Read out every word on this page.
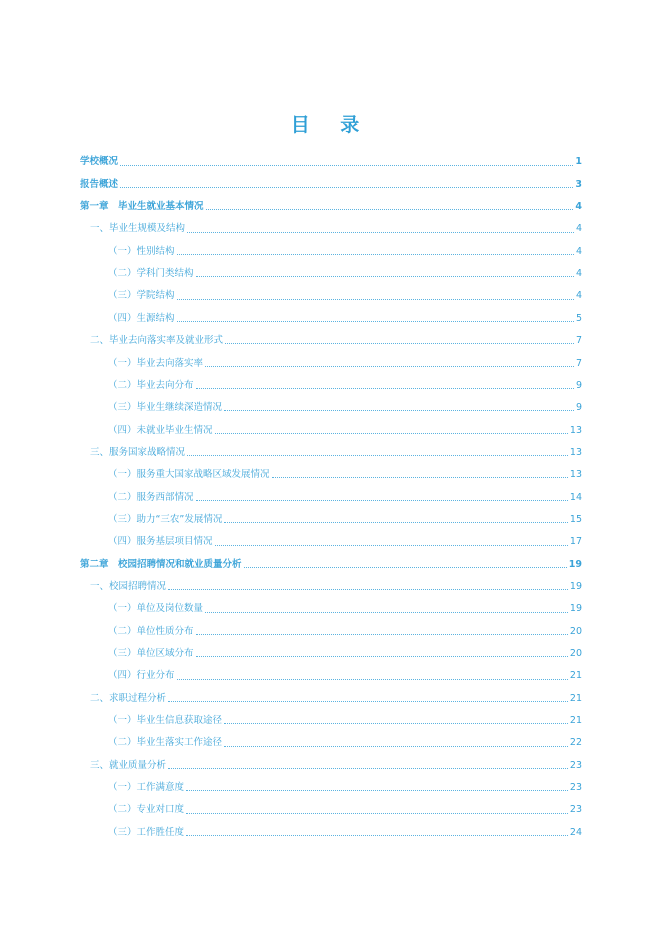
目 录
学校概况	1
报告概述	3
第一章　毕业生就业基本情况	4
一、毕业生规模及结构	4
（一）性别结构	4
（二）学科门类结构	4
（三）学院结构	4
（四）生源结构	5
二、毕业去向落实率及就业形式	7
（一）毕业去向落实率	7
（二）毕业去向分布	9
（三）毕业生继续深造情况	9
（四）未就业毕业生情况	13
三、服务国家战略情况	13
（一）服务重大国家战略区域发展情况	13
（二）服务西部情况	14
（三）助力“三农”发展情况	15
（四）服务基层项目情况	17
第二章　校园招聘情况和就业质量分析	19
一、校园招聘情况	19
（一）单位及岗位数量	19
（二）单位性质分布	20
（三）单位区域分布	20
（四）行业分布	21
二、求职过程分析	21
（一）毕业生信息获取途径	21
（二）毕业生落实工作途径	22
三、就业质量分析	23
（一）工作满意度	23
（二）专业对口度	23
（三）工作胜任度	24
